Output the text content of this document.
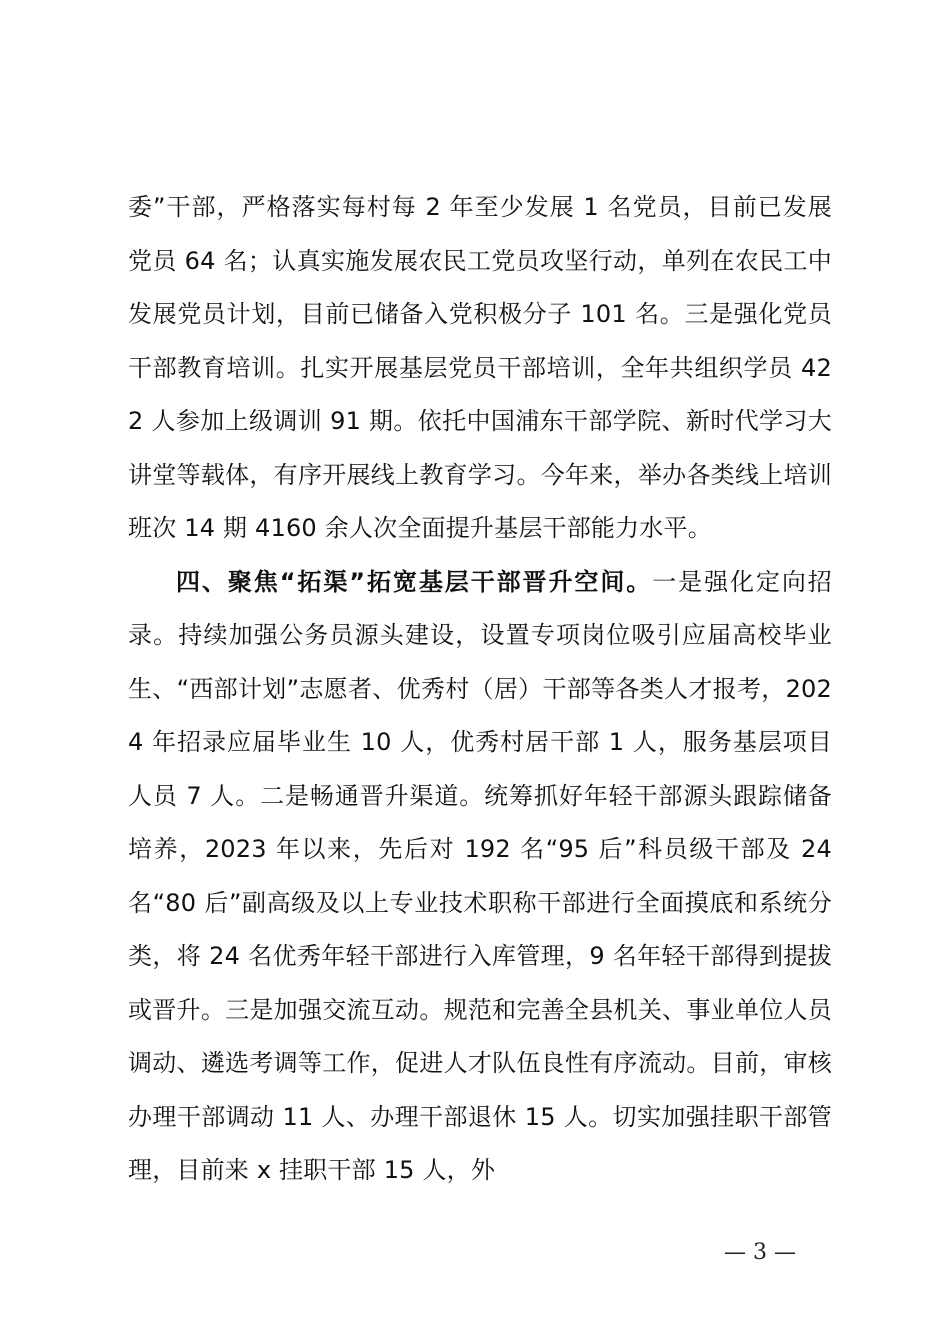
委”干部，严格落实每村每 2 年至少发展 1 名党员，目前已发展党员 64 名；认真实施发展农民工党员攻坚行动，单列在农民工中发展党员计划，目前已储备入党积极分子 101 名。三是强化党员干部教育培训。扎实开展基层党员干部培训，全年共组织学员 422 人参加上级调训 91 期。依托中国浦东干部学院、新时代学习大讲堂等载体，有序开展线上教育学习。今年来，举办各类线上培训班次 14 期 4160 余人次全面提升基层干部能力水平。

四、聚焦“拓渠”拓宽基层干部晋升空间。一是强化定向招录。持续加强公务员源头建设，设置专项岗位吸引应届高校毕业生、“西部计划”志愿者、优秀村（居）干部等各类人才报考，2024 年招录应届毕业生 10 人，优秀村居干部 1 人，服务基层项目人员 7 人。二是畅通晋升渠道。统筹抓好年轻干部源头跟踪储备培养，2023 年以来，先后对 192 名“95 后”科员级干部及 24 名“80 后”副高级及以上专业技术职称干部进行全面摸底和系统分类，将 24 名优秀年轻干部进行入库管理，9 名年轻干部得到提拔或晋升。三是加强交流互动。规范和完善全县机关、事业单位人员调动、遴选考调等工作，促进人才队伍良性有序流动。目前，审核办理干部调动 11 人、办理干部退休 15 人。切实加强挂职干部管理，目前来 x 挂职干部 15 人，外

— 3 —
